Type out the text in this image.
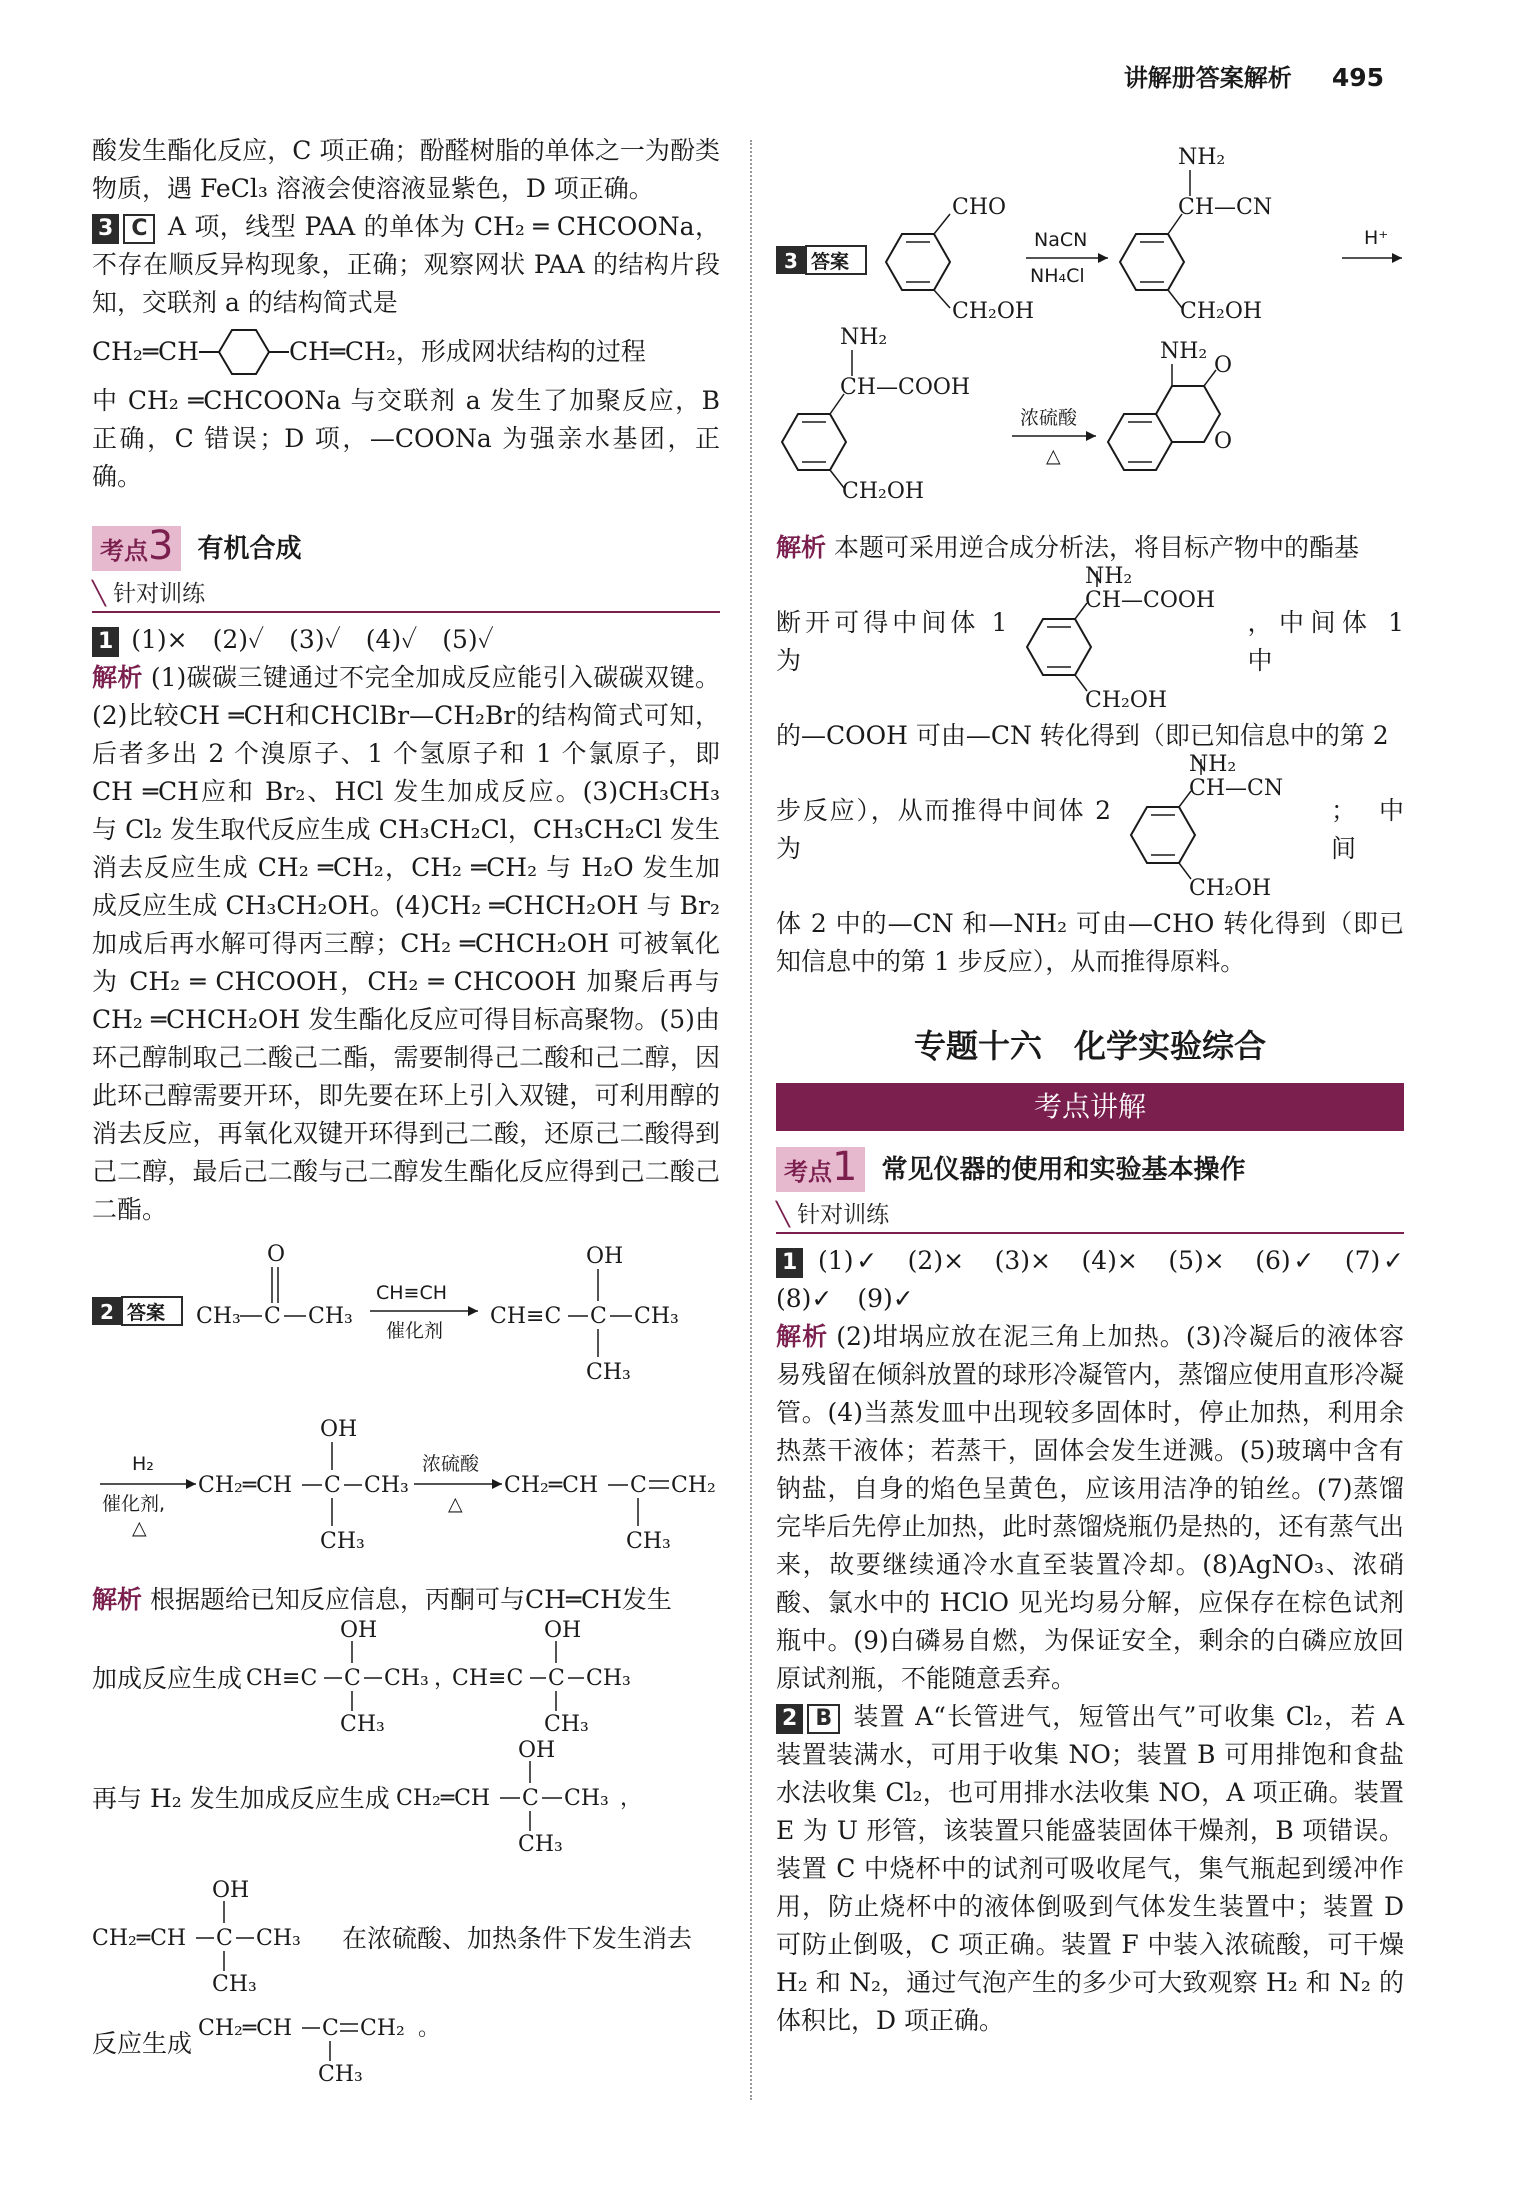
讲解册答案解析 495

酸发生酯化反应，C 项正确；酚醛树脂的单体之一为酚类物质，遇 FeCl₃ 溶液会使溶液显紫色，D 项正确。

3 C A 项，线型 PAA 的单体为 CH₂ ═ CHCOONa，不存在顺反异构现象，正确；观察网状 PAA 的结构片段知，交联剂 a 的结构简式是

CH₂═CH	CH═CH₂，形成网状结构的过程

中 CH₂ ═CHCOONa 与交联剂 a 发生了加聚反应，B 正确，C 错误；D 项，—COONa 为强亲水基团，正确。

考点3 有机合成
╲ 针对训练

1 (1)×　(2)✓　(3)✓　(4)✓　(5)✓

解析 (1)碳碳三键通过不完全加成反应能引入碳碳双键。(2)比较CH ═CH和CHClBr—CH₂Br的结构简式可知，后者多出 2 个溴原子、1 个氢原子和 1 个氯原子，即 CH ═CH应和 Br₂、HCl 发生加成反应。(3)CH₃CH₃ 与 Cl₂ 发生取代反应生成 CH₃CH₂Cl，CH₃CH₂Cl 发生消去反应生成 CH₂ ═CH₂，CH₂ ═CH₂ 与 H₂O 发生加成反应生成 CH₃CH₂OH。(4)CH₂ ═CHCH₂OH 与 Br₂ 加成后再水解可得丙三醇；CH₂ ═CHCH₂OH 可被氧化为 CH₂ ═ CHCOOH，CH₂ ═ CHCOOH 加聚后再与 CH₂ ═CHCH₂OH 发生酯化反应可得目标高聚物。(5)由环己醇制取己二酸己二酯，需要制得己二酸和己二醇，因此环己醇需要开环，即先要在环上引入双键，可利用醇的消去反应，再氧化双键开环得到己二酸，还原己二酸得到己二醇，最后己二酸与己二醇发生酯化反应得到己二酸己二酯。

2 答案 CH₃ C
O
CH₃
CH≡CH
催化剂
CH≡C C
OH
CH₃
CH₃

H₂
催化剂,
△
CH₂═CH C
OH
CH₃
CH₃
浓硫酸
△
CH₂═CH C
CH₃
CH₂

解析 根据题给已知反应信息，丙酮可与CH═CH发生

加成反应生成 CH≡C C
OH
CH₃
CH₃ ，
CH≡C C
OH
CH₃
CH₃
再与 H₂ 发生加成反应生成 CH₂═CH C
OH
CH₃
CH₃ ，
CH₂═CH C
OH
CH₃
CH₃ 在浓硫酸、加热条件下发生消去
反应生成
CH₂═CH C
CH₃
CH₂ 。
3 答案
CHO
CH₂OH
NaCN
NH₄Cl
CH—CN
NH₂
CH₂OH
H⁺
CH—COOH
NH₂
CH₂OH
浓硫酸
△
NH₂
O
O

解析 本题可采用逆合成分析法，将目标产物中的酯基

断开可得中间体 1 为
CH—COOH
NH₂
CH₂OH
，中间体 1 中

的—COOH 可由—CN 转化得到（即已知信息中的第 2

步反应），从而推得中间体 2 为
CH—CN
NH₂
CH₂OH
；中间

体 2 中的—CN 和—NH₂ 可由—CHO 转化得到（即已知信息中的第 1 步反应），从而推得原料。

专题十六　化学实验综合
考点讲解
考点1 常见仪器的使用和实验基本操作
╲ 针对训练

1 (1)✓　(2)×　(3)×　(4)×　(5)×　(6)✓　(7)✓　(8)✓　(9)✓

解析 (2)坩埚应放在泥三角上加热。(3)冷凝后的液体容易残留在倾斜放置的球形冷凝管内，蒸馏应使用直形冷凝管。(4)当蒸发皿中出现较多固体时，停止加热，利用余热蒸干液体；若蒸干，固体会发生迸溅。(5)玻璃中含有钠盐，自身的焰色呈黄色，应该用洁净的铂丝。(7)蒸馏完毕后先停止加热，此时蒸馏烧瓶仍是热的，还有蒸气出来，故要继续通冷水直至装置冷却。(8)AgNO₃、浓硝酸、氯水中的 HClO 见光均易分解，应保存在棕色试剂瓶中。(9)白磷易自燃，为保证安全，剩余的白磷应放回原试剂瓶，不能随意丢弃。

2 B 装置 A“长管进气，短管出气”可收集 Cl₂，若 A 装置装满水，可用于收集 NO；装置 B 可用排饱和食盐水法收集 Cl₂，也可用排水法收集 NO，A 项正确。装置 E 为 U 形管，该装置只能盛装固体干燥剂，B 项错误。装置 C 中烧杯中的试剂可吸收尾气，集气瓶起到缓冲作用，防止烧杯中的液体倒吸到气体发生装置中；装置 D 可防止倒吸，C 项正确。装置 F 中装入浓硫酸，可干燥 H₂ 和 N₂，通过气泡产生的多少可大致观察 H₂ 和 N₂ 的体积比，D 项正确。
